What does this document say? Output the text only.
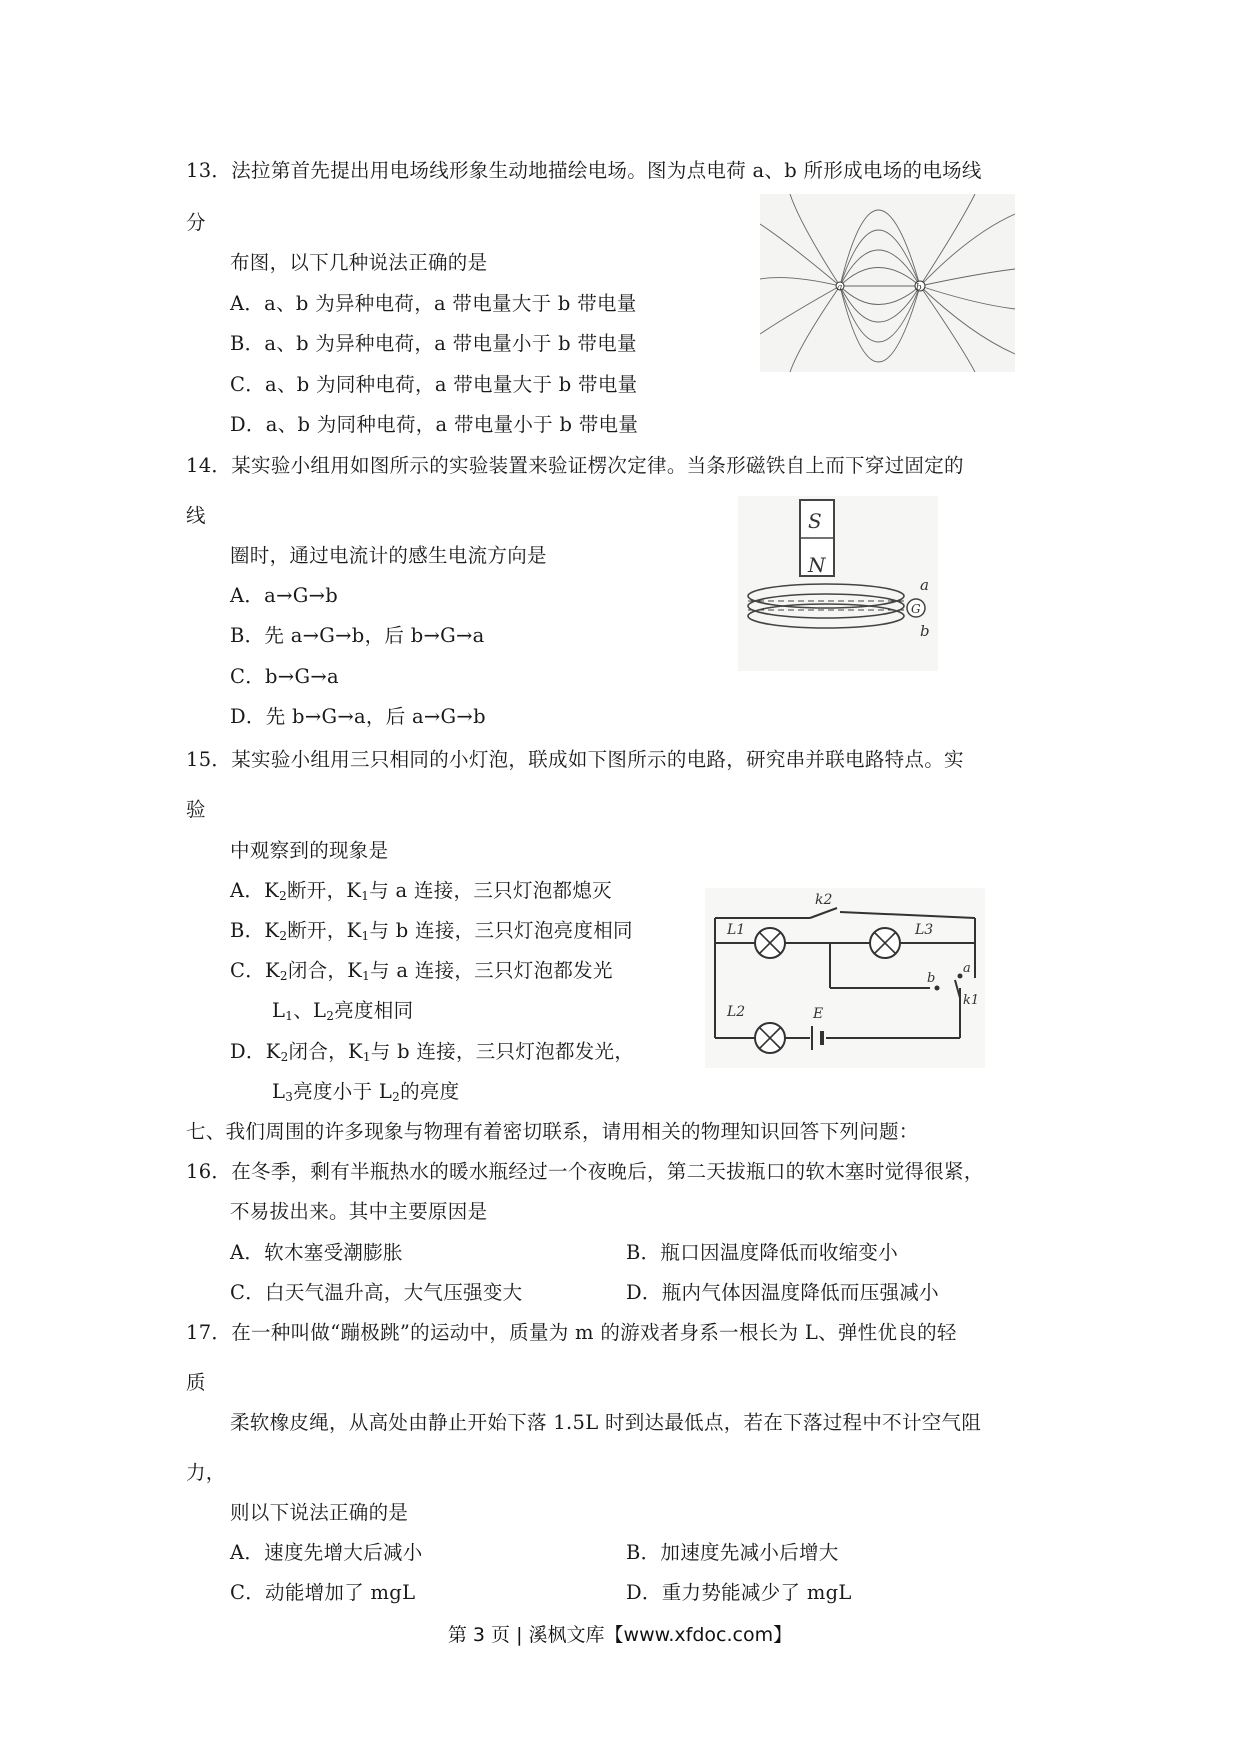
13．法拉第首先提出用电场线形象生动地描绘电场。图为点电荷 a、b 所形成电场的电场线
分
布图，以下几种说法正确的是
A．a、b 为异种电荷，a 带电量大于 b 带电量
B．a、b 为异种电荷，a 带电量小于 b 带电量
C．a、b 为同种电荷，a 带电量大于 b 带电量
D．a、b 为同种电荷，a 带电量小于 b 带电量
a	b
14．某实验小组用如图所示的实验装置来验证楞次定律。当条形磁铁自上而下穿过固定的
线
圈时，通过电流计的感生电流方向是
A．a→G→b
B．先 a→G→b，后 b→G→a
C．b→G→a
D．先 b→G→a，后 a→G→b
S
N
G
a
b
15．某实验小组用三只相同的小灯泡，联成如下图所示的电路，研究串并联电路特点。实
验
中观察到的现象是
A．$K_2$断开，$K_1$与 a 连接，三只灯泡都熄灭
B．$K_2$断开，$K_1$与 b 连接，三只灯泡亮度相同
C．$K_2$闭合，$K_1$与 a 连接，三只灯泡都发光
$L_1$、$L_2$亮度相同
D．$K_2$闭合，$K_1$与 b 连接，三只灯泡都发光，
$L_3$亮度小于 $L_2$的亮度
k2
L1	L3
L2	E
a
b
k1
七、我们周围的许多现象与物理有着密切联系，请用相关的物理知识回答下列问题：
16．在冬季，剩有半瓶热水的暖水瓶经过一个夜晚后，第二天拔瓶口的软木塞时觉得很紧，
不易拔出来。其中主要原因是
A．软木塞受潮膨胀	B．瓶口因温度降低而收缩变小
C．白天气温升高，大气压强变大	D．瓶内气体因温度降低而压强减小
17．在一种叫做“蹦极跳”的运动中，质量为 m 的游戏者身系一根长为 L、弹性优良的轻
质
柔软橡皮绳，从高处由静止开始下落 1.5L 时到达最低点，若在下落过程中不计空气阻
力，
则以下说法正确的是
A．速度先增大后减小	B．加速度先减小后增大
C．动能增加了 mgL	D．重力势能减少了 mgL
第 3 页 | 溪枫文库【www.xfdoc.com】
